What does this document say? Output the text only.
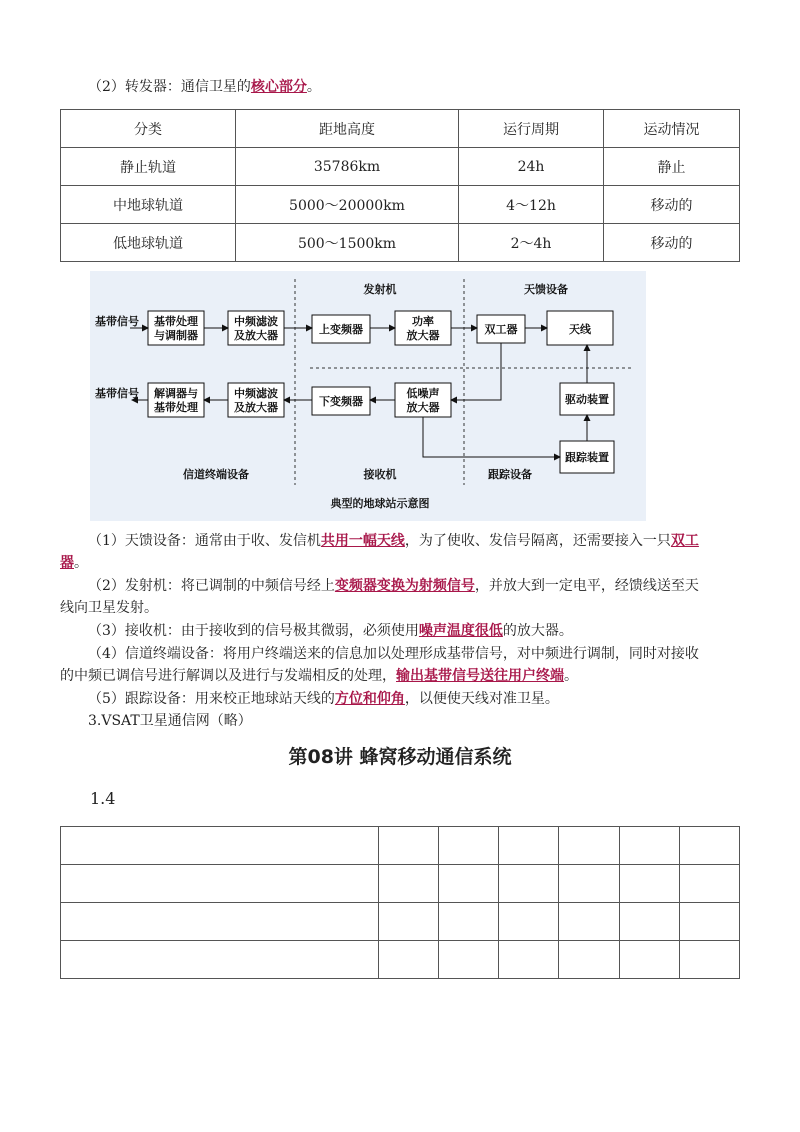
（2）转发器：通信卫星的核心部分。
分类	距地高度	运行周期	运动情况
静止轨道	35786km	24h	静止
中地球轨道	5000～20000km	4～12h	移动的
低地球轨道	500～1500km	2～4h	移动的
基带信号
基带信号
基带处理
与调制器
中频滤波
及放大器	上变频器
功率
放大器	双工器	天线
解调器与
基带处理
中频滤波
及放大器	下变频器
低噪声
放大器
驱动装置
跟踪装置
发射机	天馈设备
信道终端设备	接收机	跟踪设备
典型的地球站示意图
（1）天馈设备：通常由于收、发信机共用一幅天线，为了使收、发信号隔离，还需要接入一只双工
器。
（2）发射机：将已调制的中频信号经上变频器变换为射频信号，并放大到一定电平，经馈线送至天
线向卫星发射。
（3）接收机：由于接收到的信号极其微弱，必须使用噪声温度很低的放大器。
（4）信道终端设备：将用户终端送来的信息加以处理形成基带信号，对中频进行调制，同时对接收
的中频已调信号进行解调以及进行与发端相反的处理，输出基带信号送往用户终端。
（5）跟踪设备：用来校正地球站天线的方位和仰角，以便使天线对准卫星。
3.VSAT卫星通信网（略）
第08讲 蜂窝移动通信系统
1.4
